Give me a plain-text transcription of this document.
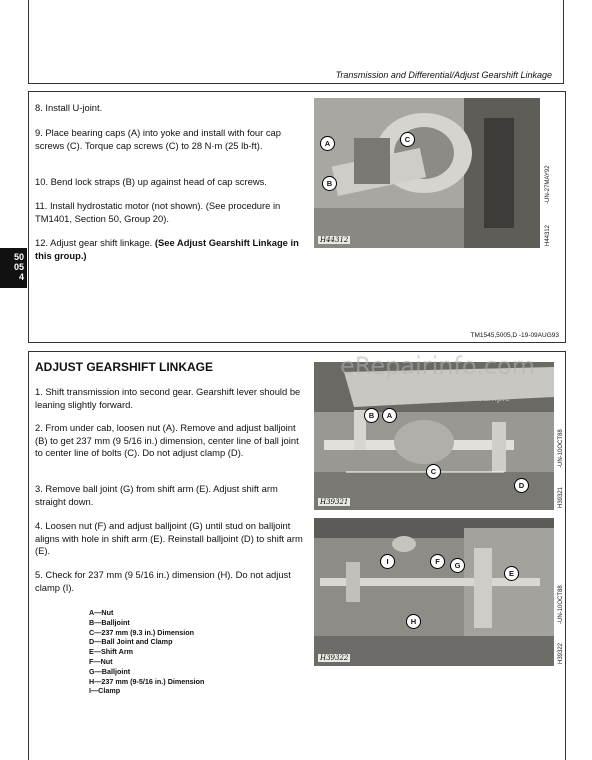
Transmission and Differential/Adjust Gearshift Linkage
50
05
4
8. Install U-joint.
9. Place bearing caps (A) into yoke and install with four cap screws (C). Torque cap screws (C) to 28 N·m (25 lb-ft).
10. Bend lock straps (B) up against head of cap screws.
11. Install hydrostatic motor (not shown). (See procedure in TM1401, Section 50, Group 20).
12. Adjust gear shift linkage. (See Adjust Gearshift Linkage in this group.)
A	C
B
H44312
-UN-27MAY92
H44312
TM1545,5005,D -19-09AUG93
ADJUST GEARSHIFT LINKAGE
1. Shift transmission into second gear. Gearshift lever should be leaning slightly forward.
2. From under cab, loosen nut (A). Remove and adjust balljoint (B) to get 237 mm (9 5/16 in.) dimension, center line of ball joint to center line of bolts (C). Do not adjust clamp (D).
3. Remove ball joint (G) from shift arm (E). Adjust shift arm straight down.
4. Loosen nut (F) and adjust balljoint (G) until stud on balljoint aligns with hole in shift arm (E). Reinstall balljoint (D) to shift arm (E).
5. Check for 237 mm (9 5/16 in.) dimension (H). Do not adjust clamp (I).
A—Nut
B—Balljoint
C—237 mm (9.3 in.) Dimension
D—Ball Joint and Clamp
E—Shift Arm
F—Nut
G—Balljoint
H—237 mm (9-5/16 in.) Dimension
I—Clamp
B	A
C
D
H39321
-UN-10OCT88
H39321
I	F	G
E
H
H39322
-UN-10OCT88
H39322
eRepairinfo.com
watermark only on this sample
